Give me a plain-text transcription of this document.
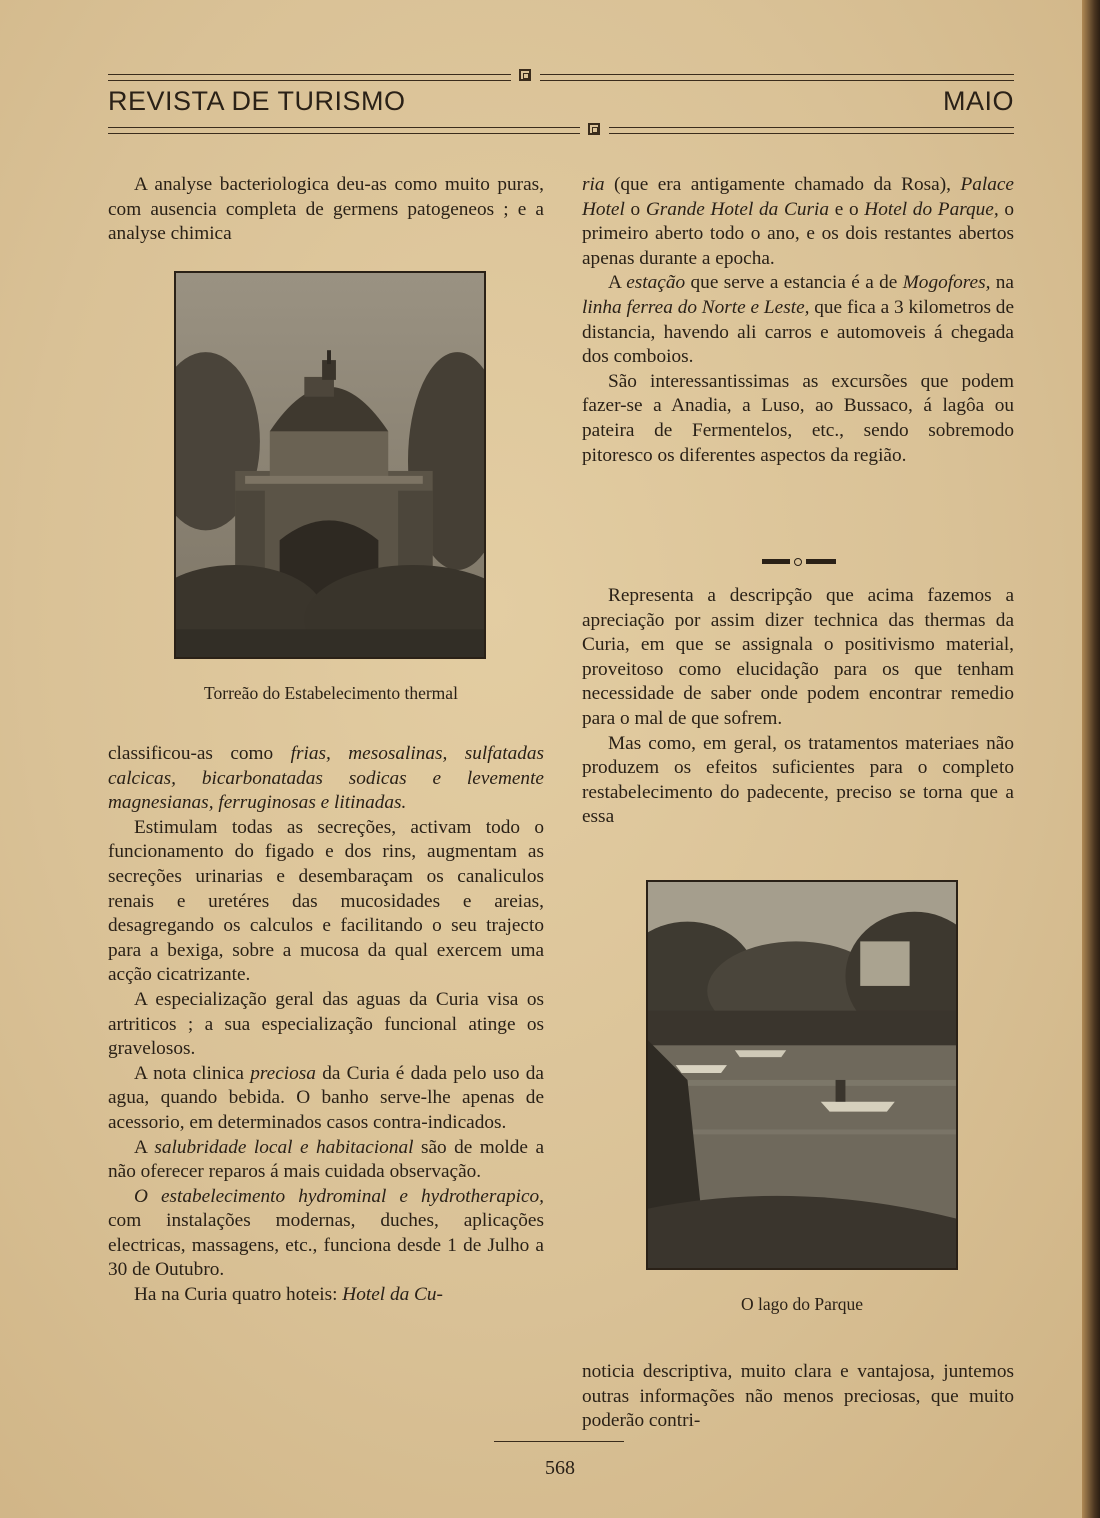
REVISTA DE TURISMO	MAIO

A analyse bacteriologica deu-as como muito puras, com ausencia completa de germens patogeneos ; e a analyse chimica

Torreão do Estabelecimento thermal

classificou-as como frias, mesosalinas, sulfatadas calcicas, bicarbonatadas sodicas e levemente magnesianas, ferruginosas e litinadas.

Estimulam todas as secreções, activam todo o funcionamento do figado e dos rins, augmentam as secreções urinarias e desembaraçam os canaliculos renais e uretéres das mucosidades e areias, desagregando os calculos e facilitando o seu trajecto para a bexiga, sobre a mucosa da qual exercem uma acção cicatrizante.

A especialização geral das aguas da Curia visa os artriticos ; a sua especialização funcional atinge os gravelosos.

A nota clinica preciosa da Curia é dada pelo uso da agua, quando bebida. O banho serve-lhe apenas de acessorio, em determinados casos contra-indicados.

A salubridade local e habitacional são de molde a não oferecer reparos á mais cuidada observação.

O estabelecimento hydrominal e hydrotherapico, com instalações modernas, duches, aplicações electricas, massagens, etc., funciona desde 1 de Julho a 30 de Outubro.

Ha na Curia quatro hoteis: Hotel da Cu-

ria (que era antigamente chamado da Rosa), Palace Hotel o Grande Hotel da Curia e o Hotel do Parque, o primeiro aberto todo o ano, e os dois restantes abertos apenas durante a epocha.

A estação que serve a estancia é a de Mogofores, na linha ferrea do Norte e Leste, que fica a 3 kilometros de distancia, havendo ali carros e automoveis á chegada dos comboios.

São interessantissimas as excursões que podem fazer-se a Anadia, a Luso, ao Bussaco, á lagôa ou pateira de Fermentelos, etc., sendo sobremodo pitoresco os diferentes aspectos da região.

Representa a descripção que acima fazemos a apreciação por assim dizer technica das thermas da Curia, em que se assignala o positivismo material, proveitoso como elucidação para os que tenham necessidade de saber onde podem encontrar remedio para o mal de que sofrem.

Mas como, em geral, os tratamentos materiaes não produzem os efeitos suficientes para o completo restabelecimento do padecente, preciso se torna que a essa

O lago do Parque

noticia descriptiva, muito clara e vantajosa, juntemos outras informações não menos preciosas, que muito poderão contri-

568
